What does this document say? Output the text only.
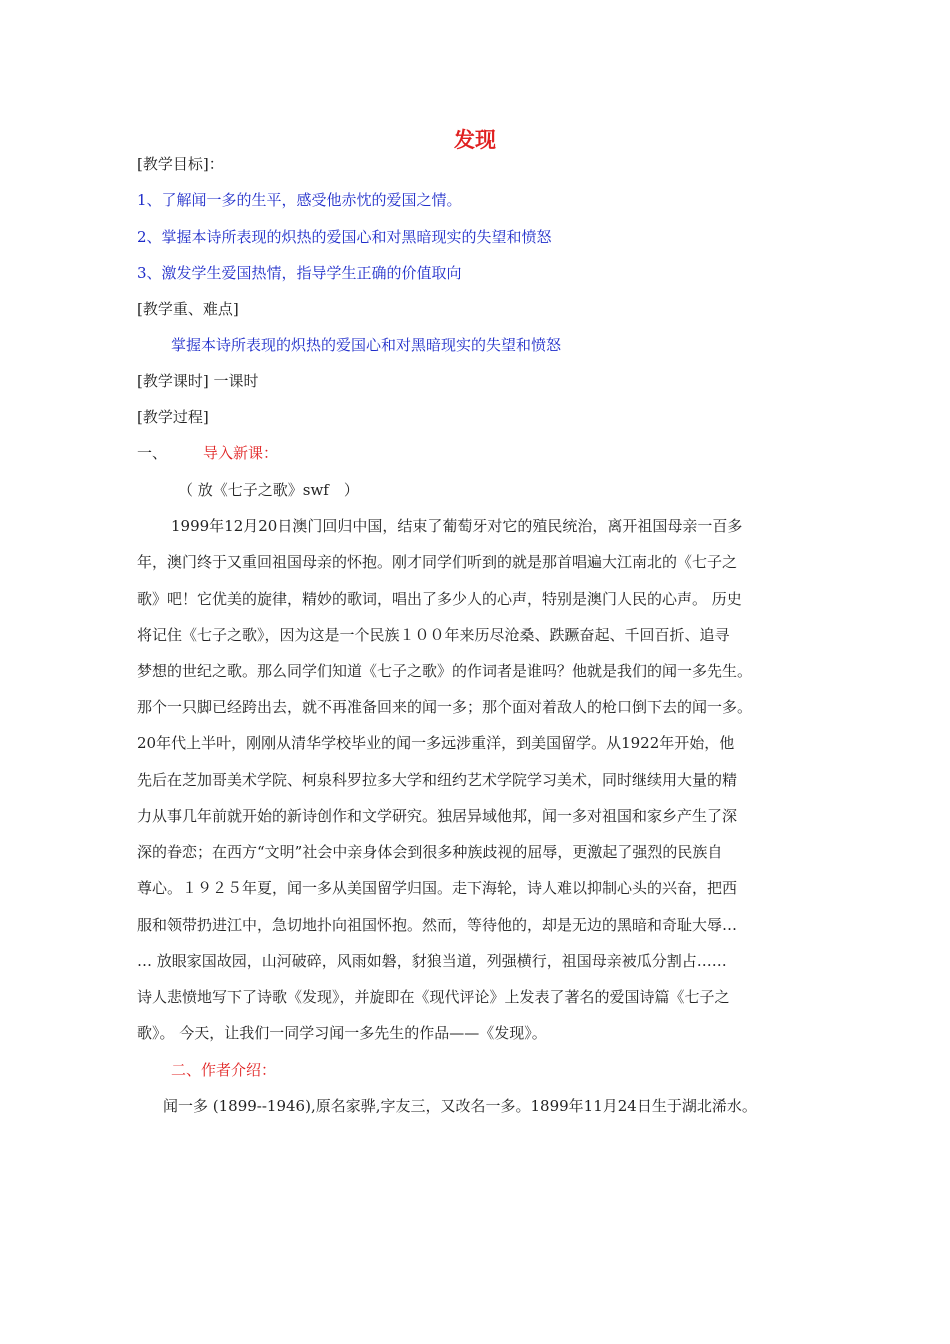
发现
[教学目标]：
1、了解闻一多的生平，感受他赤忱的爱国之情。
2、掌握本诗所表现的炽热的爱国心和对黑暗现实的失望和愤怒
3、激发学生爱国热情，指导学生正确的价值取向
[教学重、难点]
掌握本诗所表现的炽热的爱国心和对黑暗现实的失望和愤怒
[教学课时] 一课时
[教学过程]
一、 导入新课：
（ 放《七子之歌》swf　）
1999年12月20日澳门回归中国，结束了葡萄牙对它的殖民统治，离开祖国母亲一百多
年，澳门终于又重回祖国母亲的怀抱。刚才同学们听到的就是那首唱遍大江南北的《七子之
歌》吧！它优美的旋律，精妙的歌词，唱出了多少人的心声，特别是澳门人民的心声。 历史
将记住《七子之歌》，因为这是一个民族１００年来历尽沧桑、跌蹶奋起、千回百折、追寻
梦想的世纪之歌。那么同学们知道《七子之歌》的作词者是谁吗？他就是我们的闻一多先生。
那个一只脚已经跨出去，就不再准备回来的闻一多；那个面对着敌人的枪口倒下去的闻一多。
20年代上半叶，刚刚从清华学校毕业的闻一多远涉重洋，到美国留学。从1922年开始，他
先后在芝加哥美术学院、柯泉科罗拉多大学和纽约艺术学院学习美术，同时继续用大量的精
力从事几年前就开始的新诗创作和文学研究。独居异域他邦，闻一多对祖国和家乡产生了深
深的眷恋；在西方“文明”社会中亲身体会到很多种族歧视的屈辱，更激起了强烈的民族自
尊心。１９２５年夏，闻一多从美国留学归国。走下海轮，诗人难以抑制心头的兴奋，把西
服和领带扔进江中，急切地扑向祖国怀抱。然而，等待他的，却是无边的黑暗和奇耻大辱…
… 放眼家国故园，山河破碎，风雨如磐，豺狼当道，列强横行，祖国母亲被瓜分割占……
诗人悲愤地写下了诗歌《发现》，并旋即在《现代评论》上发表了著名的爱国诗篇《七子之
歌》。 今天，让我们一同学习闻一多先生的作品——《发现》。
二、作者介绍：
闻一多 (1899--1946),原名家骅,字友三，又改名一多。1899年11月24日生于湖北浠水。
